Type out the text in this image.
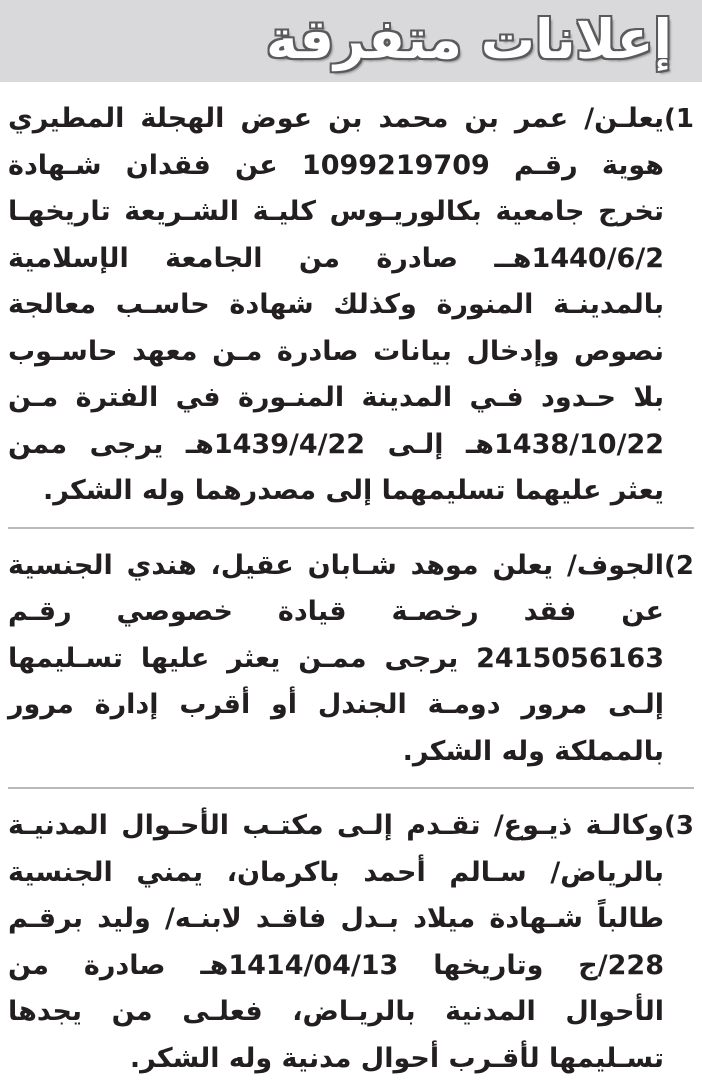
إعلانات متفرقة
1)

يعلـن/ عمر بن محمد بن عوض الهجلة المطيري هوية رقـم 1099219709 عن فقدان شـهادة تخرج جامعية بكالوريـوس كليـة الشـريعة تاريخهـا 1440/6/2هــ صادرة من الجامعة الإسلامية بالمدينـة المنورة وكذلك شهادة حاسـب معالجة نصوص وإدخال بيانات صادرة مـن معهد حاسـوب بلا حـدود فـي المدينة المنـورة في الفترة مـن 1438/10/22هـ إلـى 1439/4/22هـ يرجى ممن يعثر عليهما تسليمهما إلى مصدرهما وله الشكر.

2)

الجوف/ يعلن موهد شـابان عقيل، هندي الجنسية عن فقد رخصـة قيادة خصوصي رقـم 2415056163 يرجى ممـن يعثر عليها تسـليمها إلـى مرور دومـة الجندل أو أقرب إدارة مرور بالمملكة وله الشكر.

3)

وكالـة ذيـوع/ تقـدم إلـى مكتـب الأحـوال المدنيـة بالرياض/ سـالم أحمد باكرمان، يمني الجنسية طالباً شـهادة ميلاد بـدل فاقـد لابنـه/ وليد برقـم 228/ج وتاريخها 1414/04/13هـ صادرة من الأحوال المدنية بالريـاض، فعلـى من يجدها تسـليمها لأقـرب أحوال مدنية وله الشكر.
